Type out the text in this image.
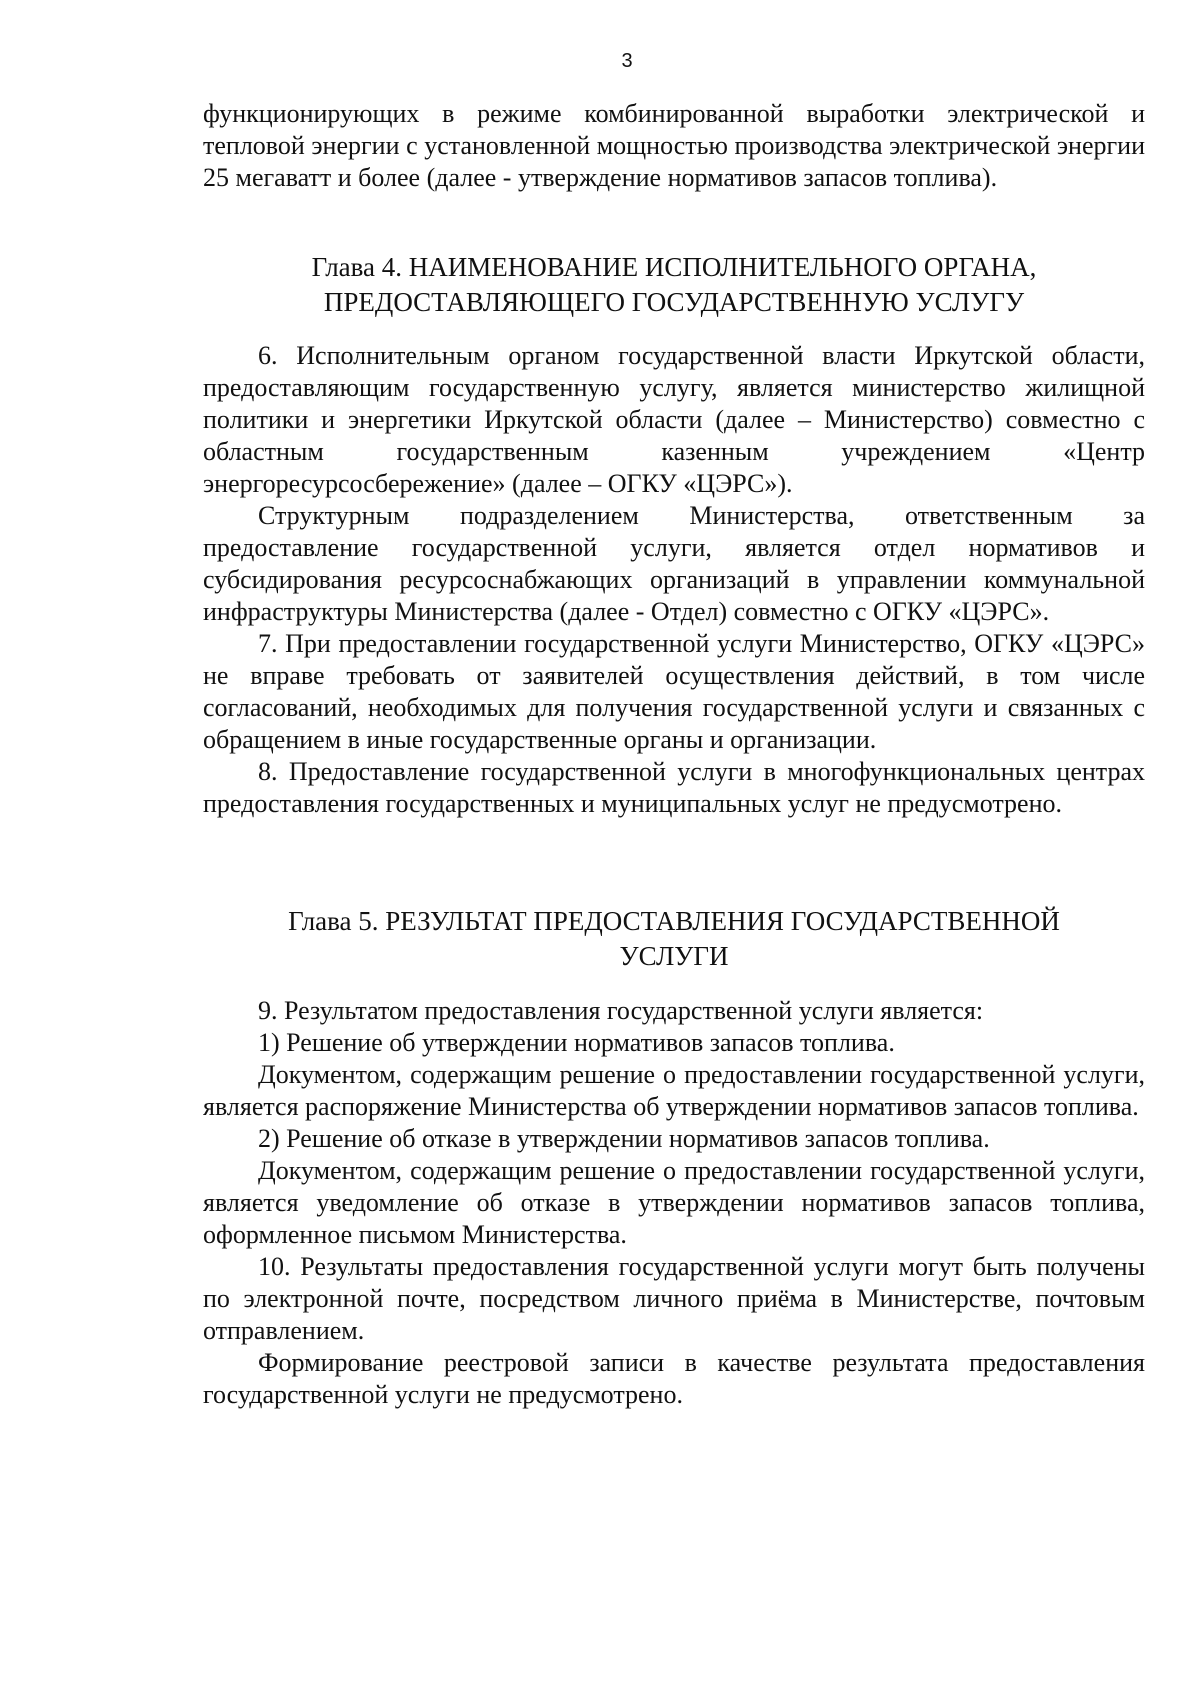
3

функционирующих в режиме комбинированной выработки электрической и тепловой энергии с установленной мощностью производства электрической энергии 25 мегаватт и более (далее - утверждение нормативов запасов топлива).

Глава 4. НАИМЕНОВАНИЕ ИСПОЛНИТЕЛЬНОГО ОРГАНА,
ПРЕДОСТАВЛЯЮЩЕГО ГОСУДАРСТВЕННУЮ УСЛУГУ

6. Исполнительным органом государственной власти Иркутской области, предоставляющим государственную услугу, является министерство жилищной политики и энергетики Иркутской области (далее – Министерство) совместно с областным государственным казенным учреждением «Центр энергоресурсосбережение» (далее – ОГКУ «ЦЭРС»).

Структурным подразделением Министерства, ответственным за предоставление государственной услуги, является отдел нормативов и субсидирования ресурсоснабжающих организаций в управлении коммунальной инфраструктуры Министерства (далее - Отдел) совместно с ОГКУ «ЦЭРС».

7. При предоставлении государственной услуги Министерство, ОГКУ «ЦЭРС» не вправе требовать от заявителей осуществления действий, в том числе согласований, необходимых для получения государственной услуги и связанных с обращением в иные государственные органы и организации.

8. Предоставление государственной услуги в многофункциональных центрах предоставления государственных и муниципальных услуг не предусмотрено.

Глава 5. РЕЗУЛЬТАТ ПРЕДОСТАВЛЕНИЯ ГОСУДАРСТВЕННОЙ
УСЛУГИ

9. Результатом предоставления государственной услуги является:

1) Решение об утверждении нормативов запасов топлива.

Документом, содержащим решение о предоставлении государственной услуги, является распоряжение Министерства об утверждении нормативов запасов топлива.

2) Решение об отказе в утверждении нормативов запасов топлива.

Документом, содержащим решение о предоставлении государственной услуги, является уведомление об отказе в утверждении нормативов запасов топлива, оформленное письмом Министерства.

10. Результаты предоставления государственной услуги могут быть получены по электронной почте, посредством личного приёма в Министерстве, почтовым отправлением.

Формирование реестровой записи в качестве результата предоставления государственной услуги не предусмотрено.
